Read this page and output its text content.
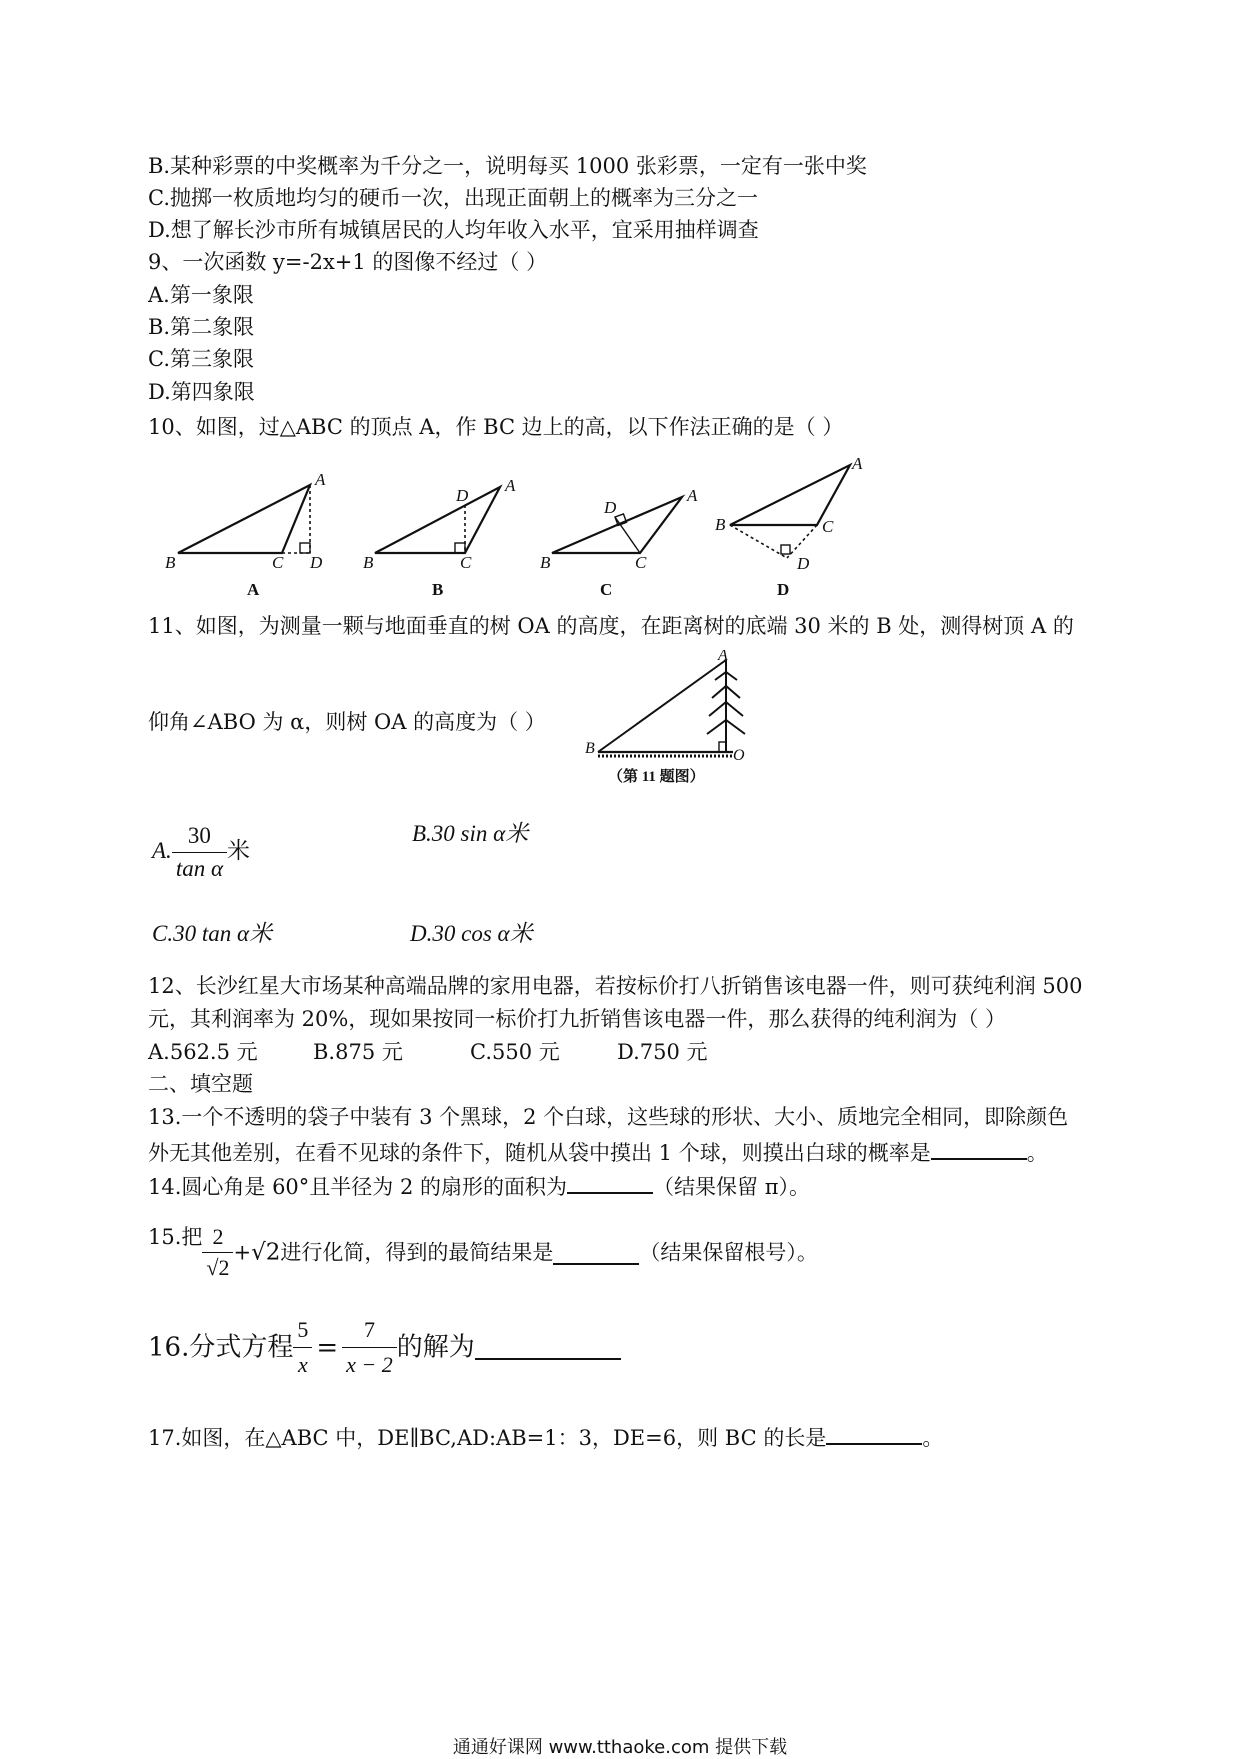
B.某种彩票的中奖概率为千分之一，说明每买 1000 张彩票，一定有一张中奖
C.抛掷一枚质地均匀的硬币一次，出现正面朝上的概率为三分之一
D.想了解长沙市所有城镇居民的人均年收入水平，宜采用抽样调查
9、一次函数 y=-2x+1 的图像不经过（ ）
A.第一象限
B.第二象限
C.第三象限
D.第四象限
10、如图，过△ABC 的顶点 A，作 BC 边上的高，以下作法正确的是（ ）
A
B	C D
D
A
B	C
D
A
B	C
A
B	C
D
A	B	C	D
11、如图，为测量一颗与地面垂直的树 OA 的高度，在距离树的底端 30 米的 B 处，测得树顶 A 的
仰角∠ABO 为 α，则树 OA 的高度为（ ）
A
B	O
（第 11 题图）
A. $\frac{30}{\text{tan α}}$ 米
B.30 sin α米
C.30 tan α米	D.30 cos α米
12、长沙红星大市场某种高端品牌的家用电器，若按标价打八折销售该电器一件，则可获纯利润 500
元，其利润率为 20%，现如果按同一标价打九折销售该电器一件，那么获得的纯利润为（ ）
A.562.5 元	B.875 元	C.550 元	D.750 元
二、填空题
13.一个不透明的袋子中装有 3 个黑球，2 个白球，这些球的形状、大小、质地完全相同，即除颜色
外无其他差别，在看不见球的条件下，随机从袋中摸出 1 个球，则摸出白球的概率是	。
14.圆心角是 60°且半径为 2 的扇形的面积为	（结果保留 π）。
15.把 $\frac{2}{√2} +√2$进行化简，得到的最简结果是	（结果保留根号）。
16.分式方程 $\frac{5}{x} = \frac{7}{x - 2}$ 的解为
17.如图，在△ABC 中，DE∥BC,AD:AB=1：3，DE=6，则 BC 的长是	。
通通好课网 www.tthaoke.com 提供下载
